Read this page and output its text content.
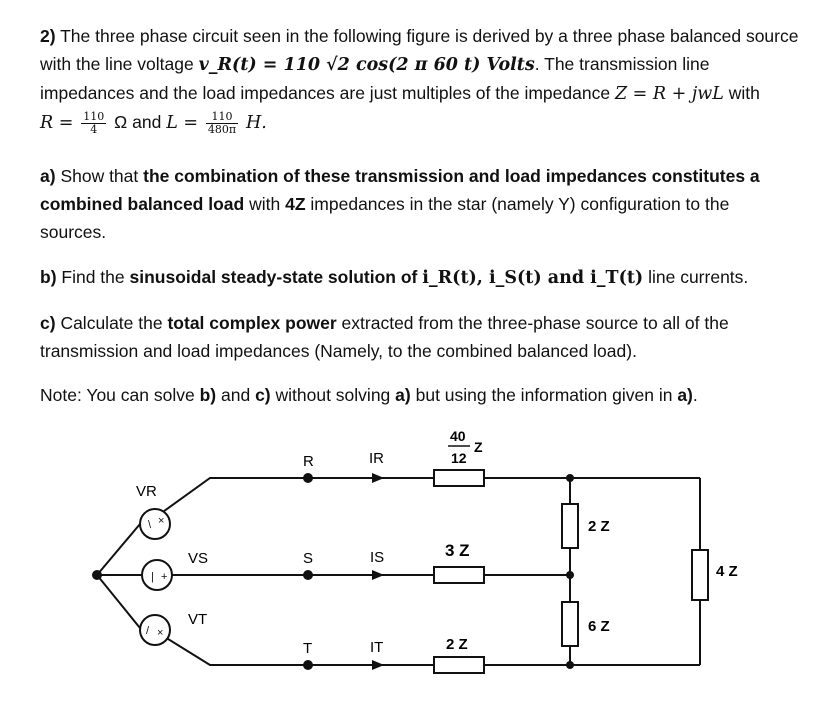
2) The three phase circuit seen in the following figure is derived by a three phase balanced source with the line voltage v_R(t) = 110 √2 cos(2 π 60 t) Volts. The transmission line impedances and the load impedances are just multiples of the impedance Z = R + jwL with
$R = \frac{110}{4}$ Ω and $L = \frac{110}{480\pi} H$.
a) Show that the combination of these transmission and load impedances constitutes a combined balanced load with 4Z impedances in the star (namely Y) configuration to the sources.
b) Find the sinusoidal steady-state solution of i_R(t), i_S(t) and i_T(t) line currents.
c) Calculate the total complex power extracted from the three-phase source to all of the transmission and load impedances (Namely, to the combined balanced load).
Note: You can solve b) and c) without solving a) but using the information given in a).
\ ×
| +
/ ×
VR
VS
VT
R
S
T
IR
IS
IT
40
12
Z
3 Z
2 Z
2 Z
6 Z
4 Z
